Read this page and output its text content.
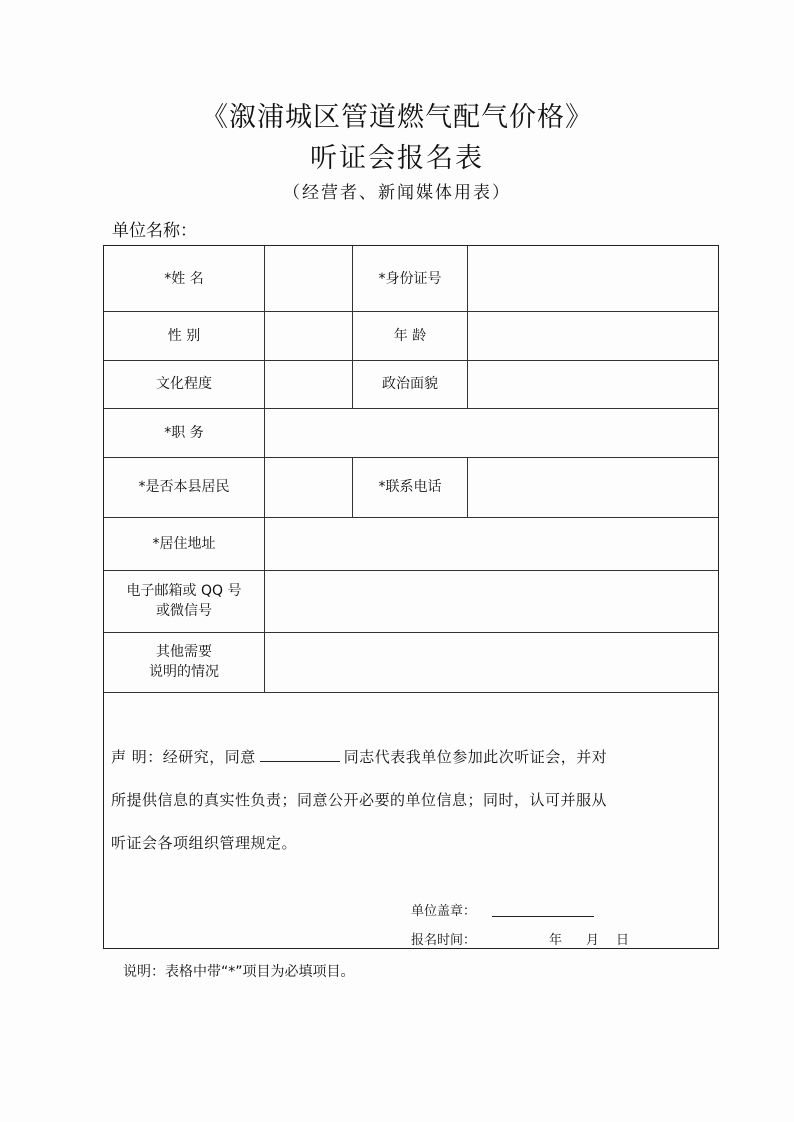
《溆浦城区管道燃气配气价格》
听证会报名表
（经营者、新闻媒体用表）
单位名称：
*姓 名	*身份证号
性 别	年 龄
文化程度	政治面貌
*职 务
*是否本县居民	*联系电话
*居住地址
电子邮箱或 QQ 号
或微信号
其他需要
说明的情况
声 明：经研究，同意	同志代表我单位参加此次听证会，并对
所提供信息的真实性负责；同意公开必要的单位信息；同时，认可并服从
听证会各项组织管理规定。
单位盖章：
报名时间：	年 月 日
说明：表格中带“*”项目为必填项目。
